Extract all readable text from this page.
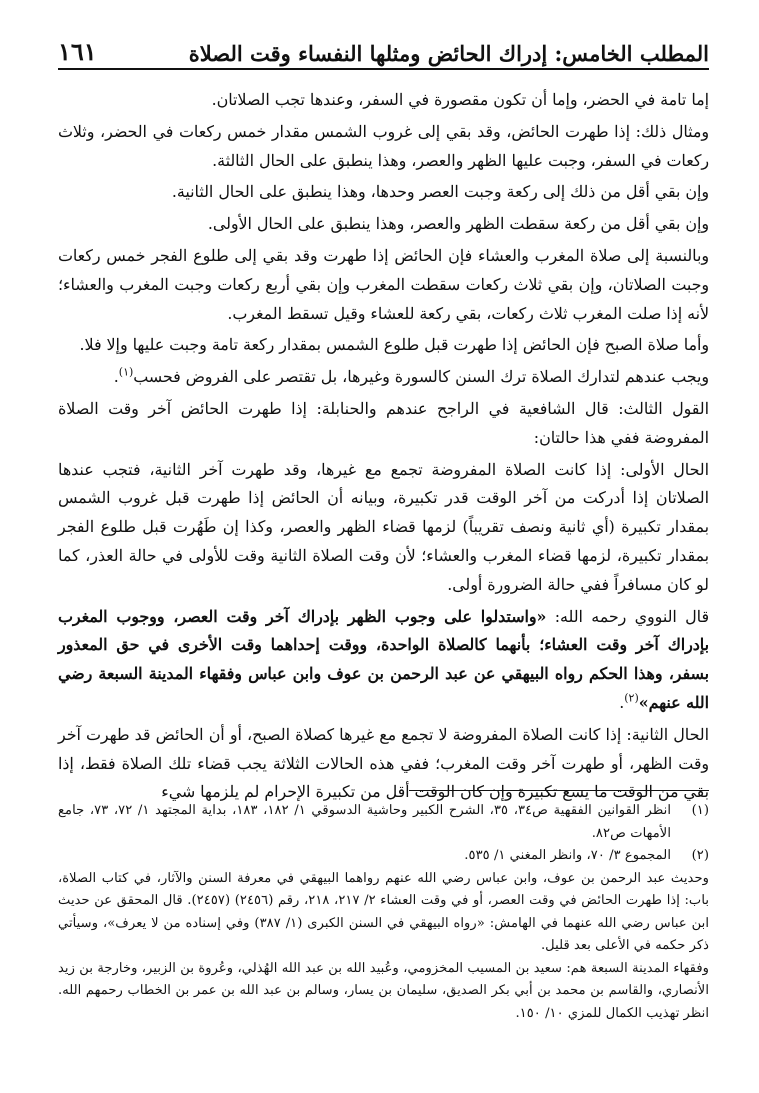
المطلب الخامس: إدراك الحائض ومثلها النفساء وقت الصلاة
١٦١

إما تامة في الحضر، وإما أن تكون مقصورة في السفر، وعندها تجب الصلاتان.

ومثال ذلك: إذا طهرت الحائض، وقد بقي إلى غروب الشمس مقدار خمس ركعات في الحضر، وثلاث ركعات في السفر، وجبت عليها الظهر والعصر، وهذا ينطبق على الحال الثالثة.

وإن بقي أقل من ذلك إلى ركعة وجبت العصر وحدها، وهذا ينطبق على الحال الثانية.

وإن بقي أقل من ركعة سقطت الظهر والعصر، وهذا ينطبق على الحال الأولى.

وبالنسبة إلى صلاة المغرب والعشاء فإن الحائض إذا طهرت وقد بقي إلى طلوع الفجر خمس ركعات وجبت الصلاتان، وإن بقي ثلاث ركعات سقطت المغرب وإن بقي أربع ركعات وجبت المغرب والعشاء؛ لأنه إذا صلت المغرب ثلاث ركعات، بقي ركعة للعشاء وقيل تسقط المغرب.

وأما صلاة الصبح فإن الحائض إذا طهرت قبل طلوع الشمس بمقدار ركعة تامة وجبت عليها وإلا فلا.

ويجب عندهم لتدارك الصلاة ترك السنن كالسورة وغيرها، بل تقتصر على الفروض فحسب$^{(١)}$.

القول الثالث: قال الشافعية في الراجح عندهم والحنابلة: إذا طهرت الحائض آخر وقت الصلاة المفروضة ففي هذا حالتان:

الحال الأولى: إذا كانت الصلاة المفروضة تجمع مع غيرها، وقد طهرت آخر الثانية، فتجب عندها الصلاتان إذا أدركت من آخر الوقت قدر تكبيرة، وبيانه أن الحائض إذا طهرت قبل غروب الشمس بمقدار تكبيرة (أي ثانية ونصف تقريباً) لزمها قضاء الظهر والعصر، وكذا إن طَهُرت قبل طلوع الفجر بمقدار تكبيرة، لزمها قضاء المغرب والعشاء؛ لأن وقت الصلاة الثانية وقت للأولى في حالة العذر، كما لو كان مسافراً ففي حالة الضرورة أولى.

قال النووي رحمه الله: «واستدلوا على وجوب الظهر بإدراك آخر وقت العصر، ووجوب المغرب بإدراك آخر وقت العشاء؛ بأنهما كالصلاة الواحدة، ووقت إحداهما وقت الأخرى في حق المعذور بسفر، وهذا الحكم رواه البيهقي عن عبد الرحمن بن عوف وابن عباس وفقهاء المدينة السبعة رضي الله عنهم»$^{(٢)}$.

الحال الثانية: إذا كانت الصلاة المفروضة لا تجمع مع غيرها كصلاة الصبح، أو أن الحائض قد طهرت آخر وقت الظهر، أو طهرت آخر وقت المغرب؛ ففي هذه الحالات الثلاثة يجب قضاء تلك الصلاة فقط، إذا بقي من الوقت ما يسع تكبيرة وإن كان الوقت أقل من تكبيرة الإحرام لم يلزمها شيء

(١)
انظر القوانين الفقهية ص٣٤، ٣٥، الشرح الكبير وحاشية الدسوقي ١/ ١٨٢، ١٨٣، بداية المجتهد ١/ ٧٢، ٧٣، جامع الأمهات ص٨٢.
(٢)
المجموع ٣/ ٧٠، وانظر المغني ١/ ٥٣٥.

وحديث عبد الرحمن بن عوف، وابن عباس رضي الله عنهم رواهما البيهقي في معرفة السنن والآثار، في كتاب الصلاة، باب: إذا طهرت الحائض في وقت العصر، أو في وقت العشاء ٢/ ٢١٧، ٢١٨، رقم (٢٤٥٦) (٢٤٥٧). قال المحقق عن حديث ابن عباس رضي الله عنهما في الهامش: «رواه البيهقي في السنن الكبرى (١/ ٣٨٧) وفي إسناده من لا يعرف»، وسيأتي ذكر حكمه في الأعلى بعد قليل.

وفقهاء المدينة السبعة هم: سعيد بن المسيب المخزومي، وعُبيد الله بن عبد الله الهُذلي، وعُروة بن الزبير، وخارجة بن زيد الأنصاري، والقاسم بن محمد بن أبي بكر الصديق، سليمان بن يسار، وسالم بن عبد الله بن عمر بن الخطاب رحمهم الله. انظر تهذيب الكمال للمزي ١٠/ ١٥٠.
